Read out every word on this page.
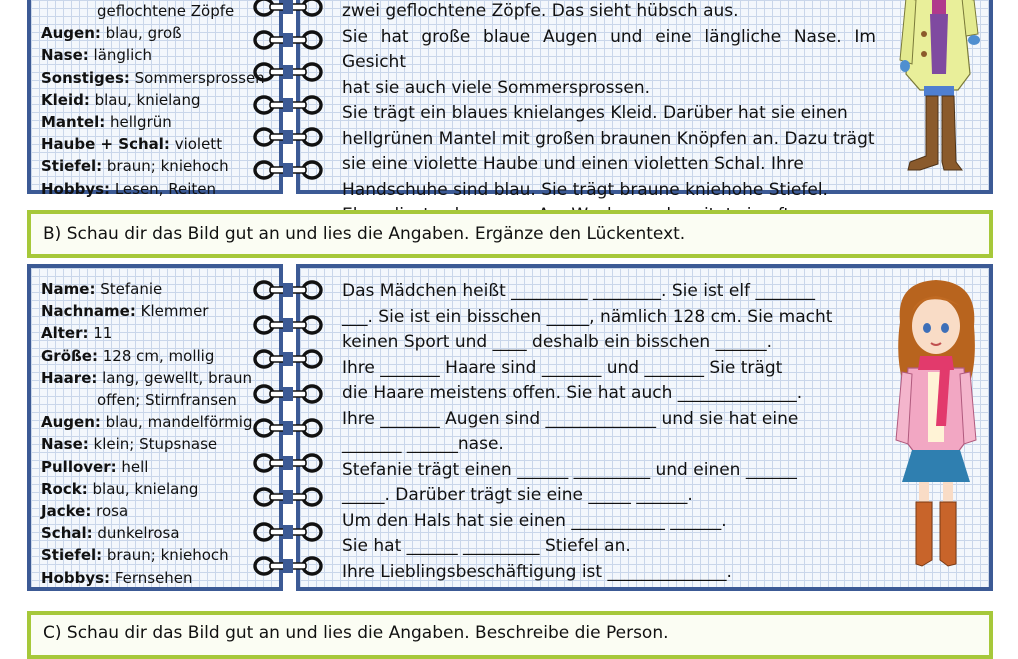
geflochtene Zöpfe
Augen: blau, groß
Nase: länglich
Sonstiges: Sommersprossen
Kleid: blau, knielang
Mantel: hellgrün
Haube + Schal: violett
Stiefel: braun; kniehoch
Hobbys: Lesen, Reiten

zwei geflochtene Zöpfe. Das sieht hübsch aus.

Sie hat große blaue Augen und eine längliche Nase. Im Gesicht

hat sie auch viele Sommersprossen.

Sie trägt ein blaues knielanges Kleid. Darüber hat sie einen

hellgrünen Mantel mit großen braunen Knöpfen an. Dazu trägt

sie eine violette Haube und einen violetten Schal. Ihre

Handschuhe sind blau. Sie trägt braune kniehohe Stiefel.

B) Schau dir das Bild gut an und lies die Angaben. Ergänze den Lückentext.
Name: Stefanie
Nachname: Klemmer
Alter: 11
Größe: 128 cm, mollig
Haare: lang, gewellt, braun
offen; Stirnfransen
Augen: blau, mandelförmig
Nase: klein; Stupsnase
Pullover: hell
Rock: blau, knielang
Jacke: rosa
Schal: dunkelrosa
Stiefel: braun; kniehoch
Hobbys: Fernsehen

Das Mädchen heißt _________ ________. Sie ist elf _______

___. Sie ist ein bisschen _____, nämlich 128 cm. Sie macht

keinen Sport und ____ deshalb ein bisschen ______.

Ihre _______ Haare sind _______ und _______ Sie trägt

die Haare meistens offen. Sie hat auch ______________.

Ihre _______ Augen sind _____________ und sie hat eine

_______ ______nase.

Stefanie trägt einen ______ _________ und einen ______

_____. Darüber trägt sie eine _____ ______.

Um den Hals hat sie einen ___________ ______.

Sie hat ______ _________ Stiefel an.

Ihre Lieblingsbeschäftigung ist ______________.

C) Schau dir das Bild gut an und lies die Angaben. Beschreibe die Person.
